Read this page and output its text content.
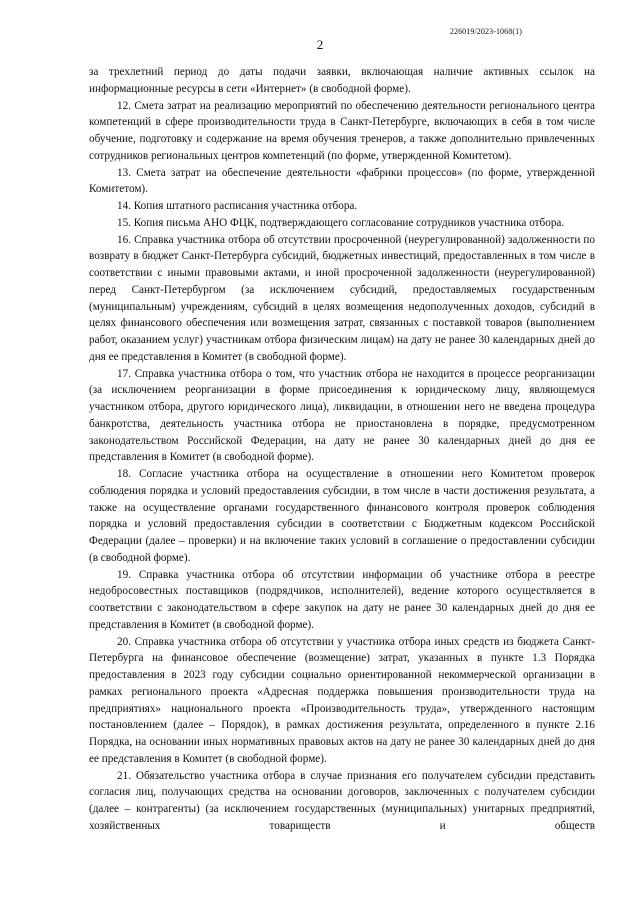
226019/2023-1068(1)
2

за трехлетний период до даты подачи заявки, включающая наличие активных ссылок на информационные ресурсы в сети «Интернет» (в свободной форме).

12. Смета затрат на реализацию мероприятий по обеспечению деятельности регионального центра компетенций в сфере производительности труда в Санкт-Петербурге, включающих в себя в том числе обучение, подготовку и содержание на время обучения тренеров, а также дополнительно привлеченных сотрудников региональных центров компетенций (по форме, утвержденной Комитетом).

13. Смета затрат на обеспечение деятельности «фабрики процессов» (по форме, утвержденной Комитетом).

14. Копия штатного расписания участника отбора.

15. Копия письма АНО ФЦК, подтверждающего согласование сотрудников участника отбора.

16. Справка участника отбора об отсутствии просроченной (неурегулированной) задолженности по возврату в бюджет Санкт-Петербурга субсидий, бюджетных инвестиций, предоставленных в том числе в соответствии с иными правовыми актами, и иной просроченной задолженности (неурегулированной) перед Санкт-Петербургом (за исключением субсидий, предоставляемых государственным (муниципальным) учреждениям, субсидий в целях возмещения недополученных доходов, субсидий в целях финансового обеспечения или возмещения затрат, связанных с поставкой товаров (выполнением работ, оказанием услуг) участникам отбора физическим лицам) на дату не ранее 30 календарных дней до дня ее представления в Комитет (в свободной форме).

17. Справка участника отбора о том, что участник отбора не находится в процессе реорганизации (за исключением реорганизации в форме присоединения к юридическому лицу, являющемуся участником отбора, другого юридического лица), ликвидации, в отношении него не введена процедура банкротства, деятельность участника отбора не приостановлена в порядке, предусмотренном законодательством Российской Федерации, на дату не ранее 30 календарных дней до дня ее представления в Комитет (в свободной форме).

18. Согласие участника отбора на осуществление в отношении него Комитетом проверок соблюдения порядка и условий предоставления субсидии, в том числе в части достижения результата, а также на осуществление органами государственного финансового контроля проверок соблюдения порядка и условий предоставления субсидии в соответствии с Бюджетным кодексом Российской Федерации (далее – проверки) и на включение таких условий в соглашение о предоставлении субсидии (в свободной форме).

19. Справка участника отбора об отсутствии информации об участнике отбора в реестре недобросовестных поставщиков (подрядчиков, исполнителей), ведение которого осуществляется в соответствии с законодательством в сфере закупок на дату не ранее 30 календарных дней до дня ее представления в Комитет (в свободной форме).

20. Справка участника отбора об отсутствии у участника отбора иных средств из бюджета Санкт-Петербурга на финансовое обеспечение (возмещение) затрат, указанных в пункте 1.3 Порядка предоставления в 2023 году субсидии социально ориентированной некоммерческой организации в рамках регионального проекта «Адресная поддержка повышения производительности труда на предприятиях» национального проекта «Производительность труда», утвержденного настоящим постановлением (далее – Порядок), в рамках достижения результата, определенного в пункте 2.16 Порядка, на основании иных нормативных правовых актов на дату не ранее 30 календарных дней до дня ее представления в Комитет (в свободной форме).

21. Обязательство участника отбора в случае признания его получателем субсидии представить согласия лиц, получающих средства на основании договоров, заключенных с получателем субсидии (далее – контрагенты) (за исключением государственных (муниципальных) унитарных предприятий, хозяйственных товариществ и обществ
